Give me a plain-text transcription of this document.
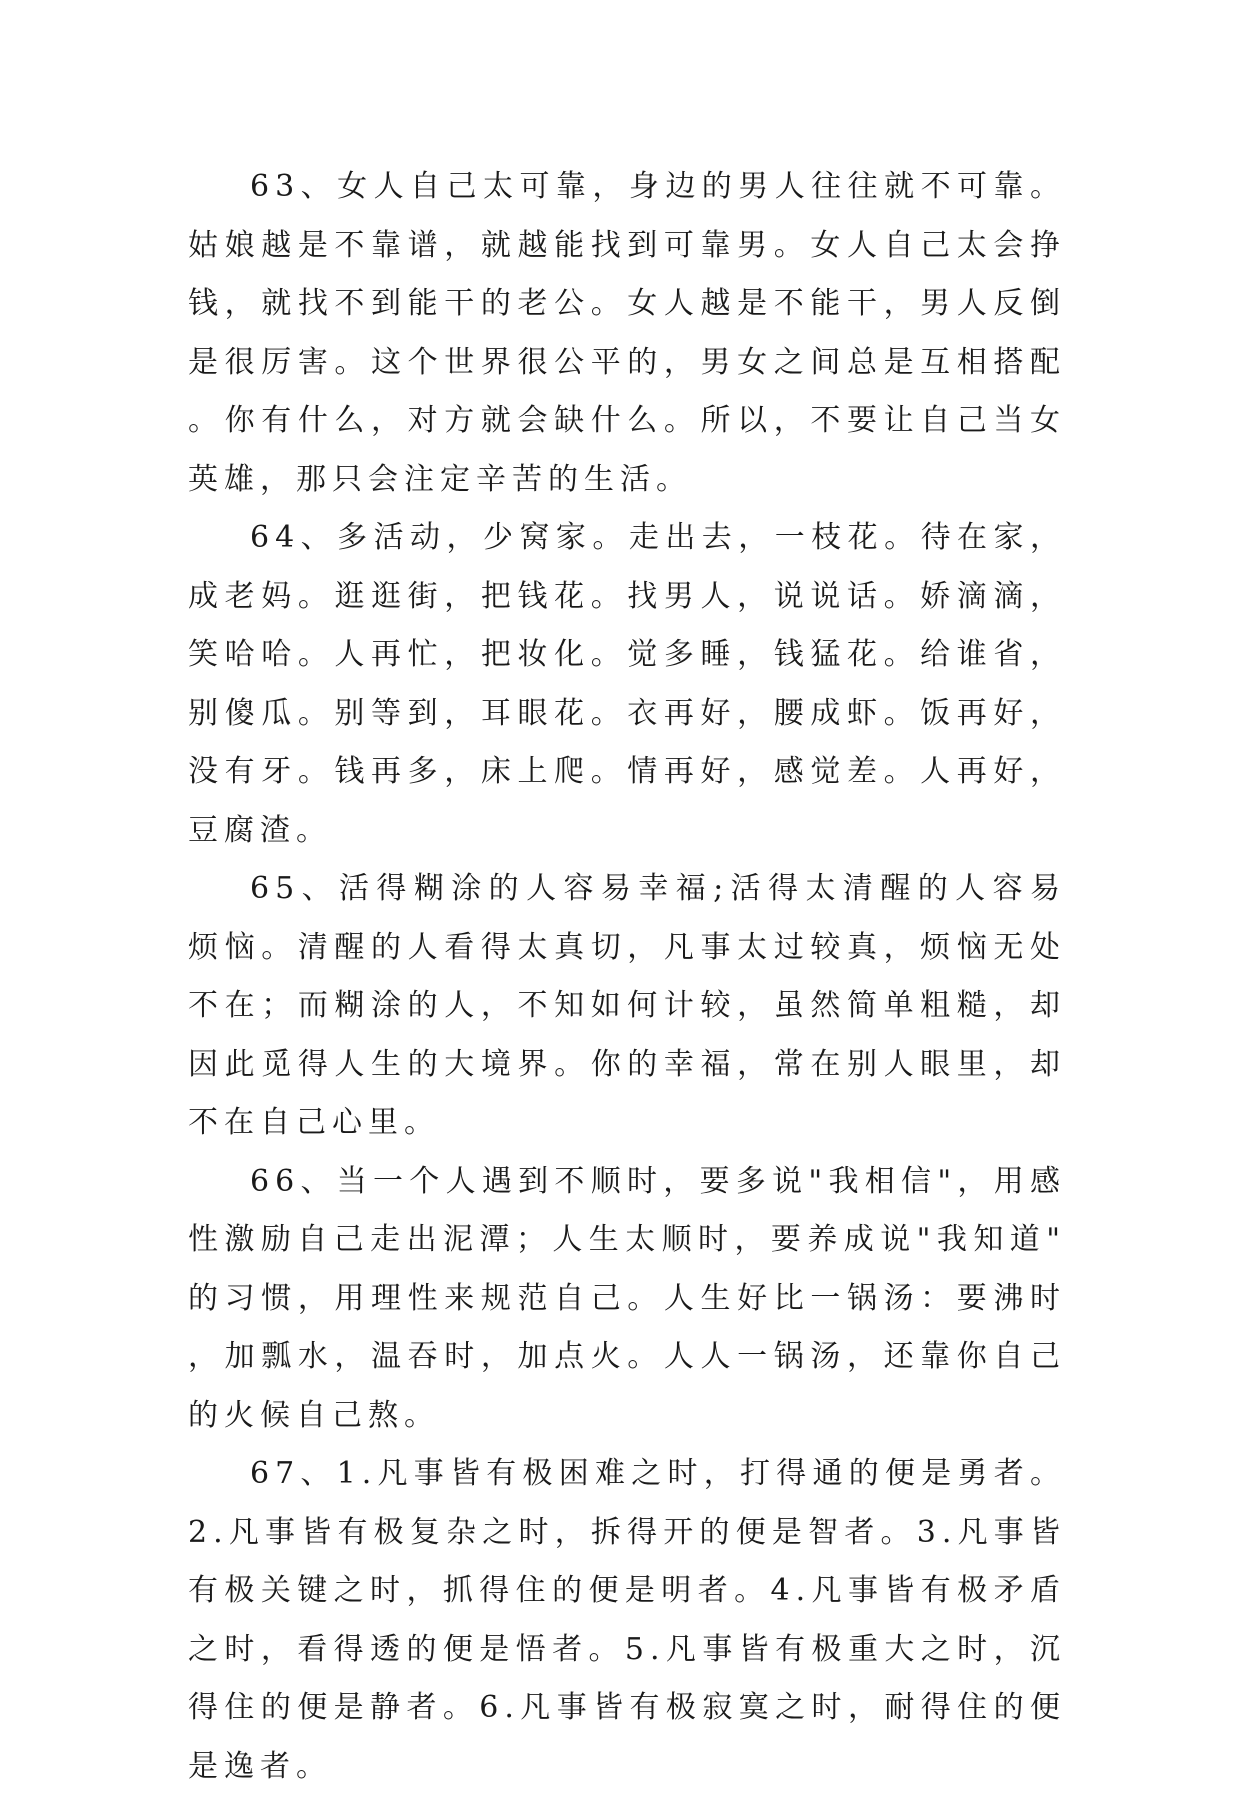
63、女人自己太可靠，身边的男人往往就不可靠。姑娘越是不靠谱，就越能找到可靠男。女人自己太会挣钱，就找不到能干的老公。女人越是不能干，男人反倒是很厉害。这个世界很公平的，男女之间总是互相搭配。你有什么，对方就会缺什么。所以，不要让自己当女英雄，那只会注定辛苦的生活。

64、多活动，少窝家。走出去，一枝花。待在家，成老妈。逛逛街，把钱花。找男人，说说话。娇滴滴，笑哈哈。人再忙，把妆化。觉多睡，钱猛花。给谁省，别傻瓜。别等到，耳眼花。衣再好，腰成虾。饭再好，没有牙。钱再多，床上爬。情再好，感觉差。人再好，豆腐渣。

65、活得糊涂的人容易幸福;活得太清醒的人容易烦恼。清醒的人看得太真切，凡事太过较真，烦恼无处不在；而糊涂的人，不知如何计较，虽然简单粗糙，却因此觅得人生的大境界。你的幸福，常在别人眼里，却不在自己心里。

66、当一个人遇到不顺时，要多说"我相信"，用感性激励自己走出泥潭；人生太顺时，要养成说"我知道"的习惯，用理性来规范自己。人生好比一锅汤：要沸时，加瓢水，温吞时，加点火。人人一锅汤，还靠你自己的火候自己熬。

67、1.凡事皆有极困难之时，打得通的便是勇者。2.凡事皆有极复杂之时，拆得开的便是智者。3.凡事皆有极关键之时，抓得住的便是明者。4.凡事皆有极矛盾之时，看得透的便是悟者。5.凡事皆有极重大之时，沉得住的便是静者。6.凡事皆有极寂寞之时，耐得住的便是逸者。
